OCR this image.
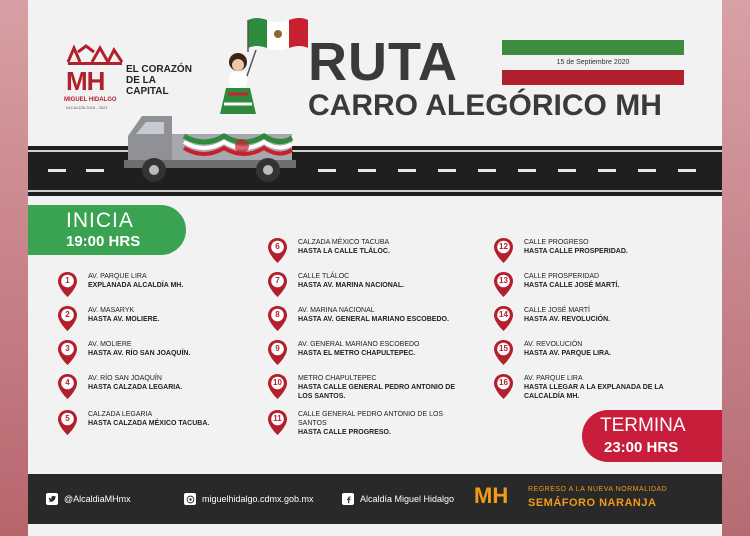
MH
MIGUEL HIDALGO
ALCALDÍA 2018 - 2021
EL CORAZÓN DE LA CAPITAL	RUTA
CARRO ALEGÓRICO MH
15 de Septiembre 2020
INICIA
19:00 HRS
1	AV. PARQUE LIRA
EXPLANADA ALCALDÍA MH.
2	AV. MASARYK
HASTA AV. MOLIERE.
3	AV. MOLIERE
HASTA AV. RÍO SAN JOAQUÍN.
4	AV. RÍO SAN JOAQUÍN
HASTA CALZADA LEGARIA.
5	CALZADA LEGARIA
HASTA CALZADA MÉXICO TACUBA.
6	CALZADA MÉXICO TACUBA
HASTA LA CALLE TLÁLOC.
7	CALLE TLÁLOC
HASTA AV. MARINA NACIONAL.
8	AV. MARINA NACIONAL
HASTA AV. GENERAL MARIANO ESCOBEDO.
9	AV. GENERAL MARIANO ESCOBEDO
HASTA EL METRO CHAPULTEPEC.
10	METRO CHAPULTEPEC
HASTA CALLE GENERAL PEDRO ANTONIO DE LOS SANTOS.
11	CALLE GENERAL PEDRO ANTONIO DE LOS SANTOS
HASTA CALLE PROGRESO.
12	CALLE PROGRESO
HASTA CALLE PROSPERIDAD.
13	CALLE PROSPERIDAD
HASTA CALLE JOSÉ MARTÍ.
14	CALLE JOSÉ MARTÍ
HASTA AV. REVOLUCIÓN.
15	AV. REVOLUCIÓN
HASTA AV. PARQUE LIRA.
16	AV. PARQUE LIRA
HASTA LLEGAR A LA EXPLANADA DE LA CALCALDÍA MH.
TERMINA
23:00 HRS
@AlcaldiaMHmx	miguelhidalgo.cdmx.gob.mx	Alcaldía Miguel Hidalgo MH	REGRESO A LA NUEVA NORMALIDAD
SEMÁFORO NARANJA
